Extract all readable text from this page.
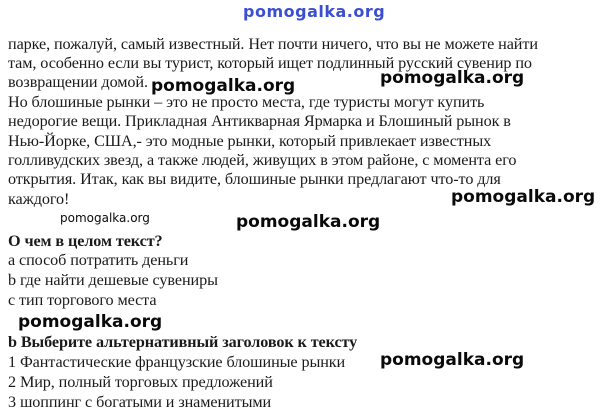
pomogalka.org
парке, пожалуй, самый известный. Нет почти ничего, что вы не можете найти
там, особенно если вы турист, который ищет подлинный русский сувенир по
возвращении домой. pomogalka.org	pomogalka.org
Но блошиные рынки – это не просто места, где туристы могут купить
недорогие вещи. Прикладная Антикварная Ярмарка и Блошиный рынок в
Нью-Йорке, США,- это модные рынки, который привлекает известных
голливудских звезд, а также людей, живущих в этом районе, с момента его
открытия. Итак, как вы видите, блошиные рынки предлагают что-то для
каждого!	pomogalka.org
pomogalka.org	pomogalka.org
О чем в целом текст?
a способ потратить деньги
b где найти дешевые сувениры
c тип торгового места
pomogalka.org
b Выберите альтернативный заголовок к тексту
1 Фантастические французские блошиные рынки
2 Мир, полный торговых предложений
3 шоппинг с богатыми и знаменитыми
pomogalka.org
